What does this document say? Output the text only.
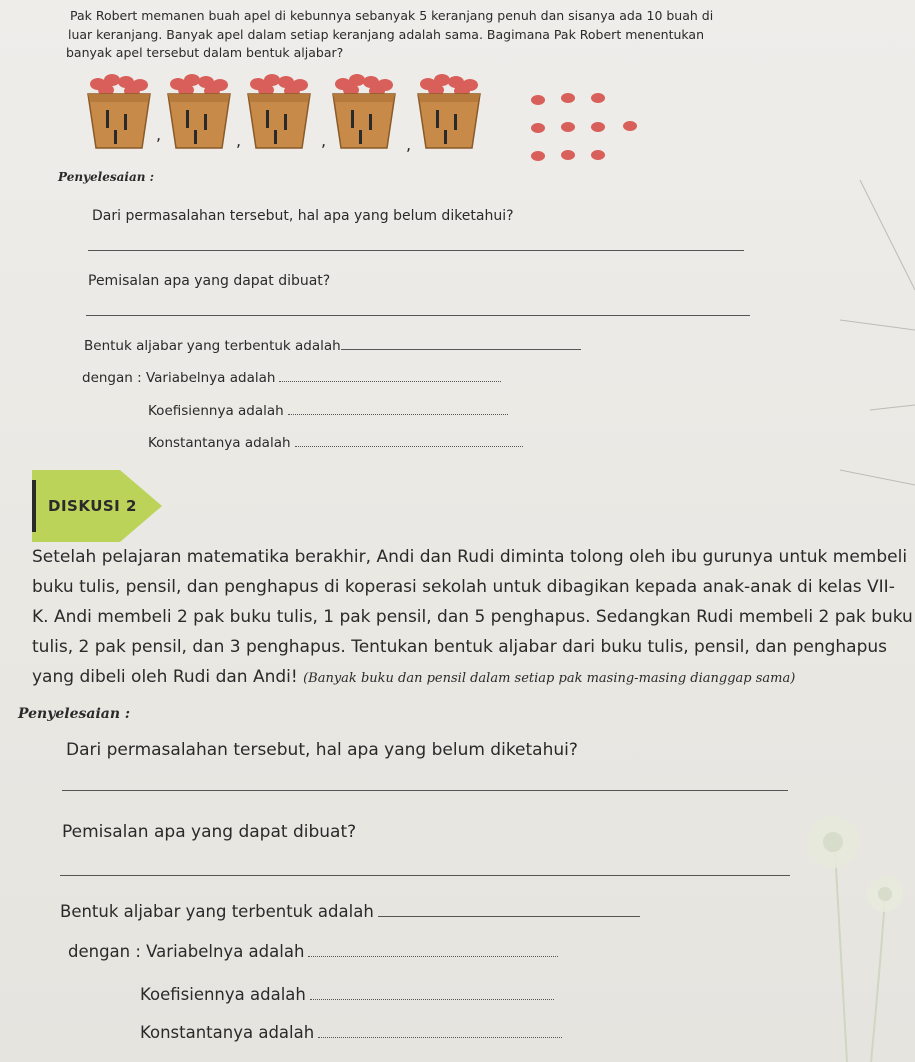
Pak Robert memanen buah apel di kebunnya sebanyak 5 keranjang penuh dan sisanya ada 10 buah di
luar keranjang. Banyak apel dalam setiap keranjang adalah sama. Bagimana Pak Robert menentukan
banyak apel tersebut dalam bentuk aljabar?
,	,	,	,
Penyelesaian :
Dari permasalahan tersebut, hal apa yang belum diketahui?
Pemisalan apa yang dapat dibuat?
Bentuk aljabar yang terbentuk adalah
dengan : Variabelnya adalah
Koefisiennya adalah
Konstantanya adalah
DISKUSI 2
Setelah pelajaran matematika berakhir, Andi dan Rudi diminta tolong oleh ibu gurunya untuk membeli
buku tulis, pensil, dan penghapus di koperasi sekolah untuk dibagikan kepada anak-anak di kelas VII-
K. Andi membeli 2 pak buku tulis, 1 pak pensil, dan 5 penghapus. Sedangkan Rudi membeli 2 pak buku
tulis, 2 pak pensil, dan 3 penghapus. Tentukan bentuk aljabar dari buku tulis, pensil, dan penghapus
yang dibeli oleh Rudi dan Andi! (Banyak buku dan pensil dalam setiap pak masing-masing dianggap sama)
Penyelesaian :
Dari permasalahan tersebut, hal apa yang belum diketahui?
Pemisalan apa yang dapat dibuat?
Bentuk aljabar yang terbentuk adalah
dengan : Variabelnya adalah
Koefisiennya adalah
Konstantanya adalah
